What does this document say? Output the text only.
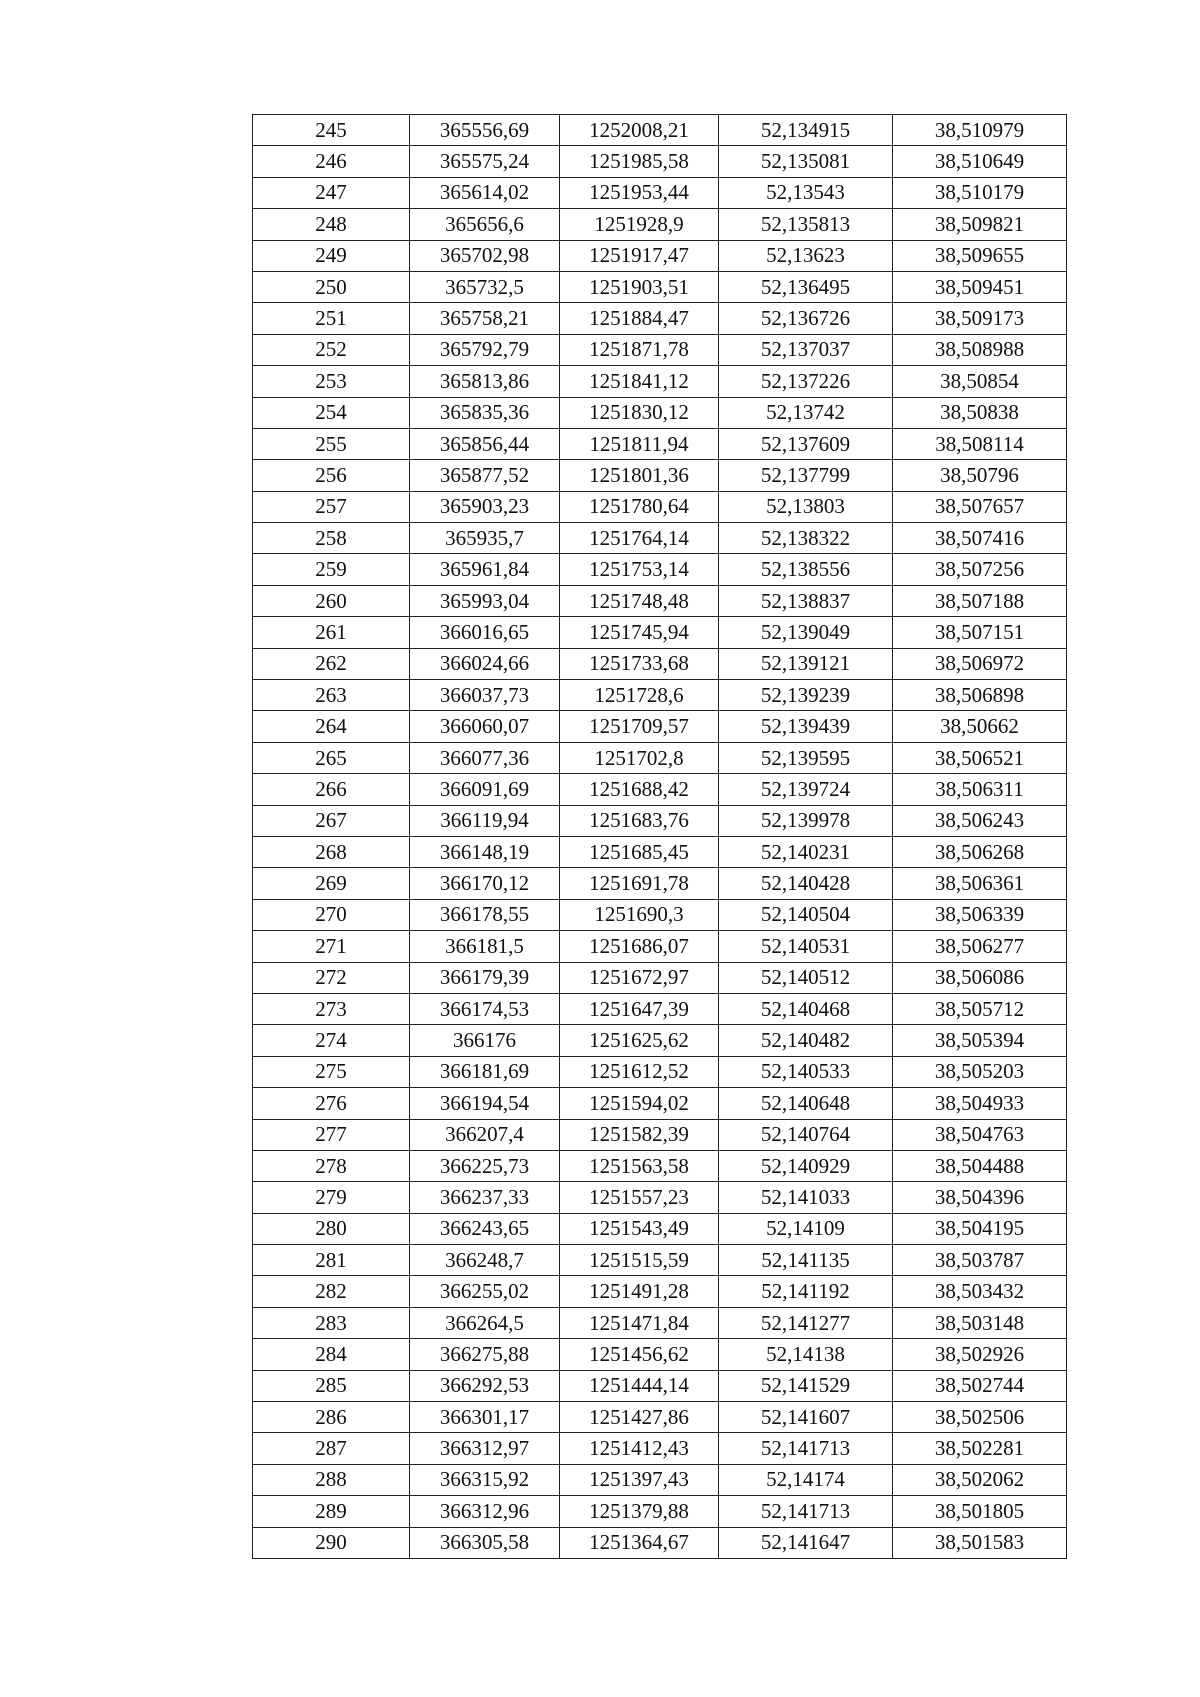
245	365556,69	1252008,21	52,134915	38,510979
246	365575,24	1251985,58	52,135081	38,510649
247	365614,02	1251953,44	52,13543	38,510179
248	365656,6	1251928,9	52,135813	38,509821
249	365702,98	1251917,47	52,13623	38,509655
250	365732,5	1251903,51	52,136495	38,509451
251	365758,21	1251884,47	52,136726	38,509173
252	365792,79	1251871,78	52,137037	38,508988
253	365813,86	1251841,12	52,137226	38,50854
254	365835,36	1251830,12	52,13742	38,50838
255	365856,44	1251811,94	52,137609	38,508114
256	365877,52	1251801,36	52,137799	38,50796
257	365903,23	1251780,64	52,13803	38,507657
258	365935,7	1251764,14	52,138322	38,507416
259	365961,84	1251753,14	52,138556	38,507256
260	365993,04	1251748,48	52,138837	38,507188
261	366016,65	1251745,94	52,139049	38,507151
262	366024,66	1251733,68	52,139121	38,506972
263	366037,73	1251728,6	52,139239	38,506898
264	366060,07	1251709,57	52,139439	38,50662
265	366077,36	1251702,8	52,139595	38,506521
266	366091,69	1251688,42	52,139724	38,506311
267	366119,94	1251683,76	52,139978	38,506243
268	366148,19	1251685,45	52,140231	38,506268
269	366170,12	1251691,78	52,140428	38,506361
270	366178,55	1251690,3	52,140504	38,506339
271	366181,5	1251686,07	52,140531	38,506277
272	366179,39	1251672,97	52,140512	38,506086
273	366174,53	1251647,39	52,140468	38,505712
274	366176	1251625,62	52,140482	38,505394
275	366181,69	1251612,52	52,140533	38,505203
276	366194,54	1251594,02	52,140648	38,504933
277	366207,4	1251582,39	52,140764	38,504763
278	366225,73	1251563,58	52,140929	38,504488
279	366237,33	1251557,23	52,141033	38,504396
280	366243,65	1251543,49	52,14109	38,504195
281	366248,7	1251515,59	52,141135	38,503787
282	366255,02	1251491,28	52,141192	38,503432
283	366264,5	1251471,84	52,141277	38,503148
284	366275,88	1251456,62	52,14138	38,502926
285	366292,53	1251444,14	52,141529	38,502744
286	366301,17	1251427,86	52,141607	38,502506
287	366312,97	1251412,43	52,141713	38,502281
288	366315,92	1251397,43	52,14174	38,502062
289	366312,96	1251379,88	52,141713	38,501805
290	366305,58	1251364,67	52,141647	38,501583
